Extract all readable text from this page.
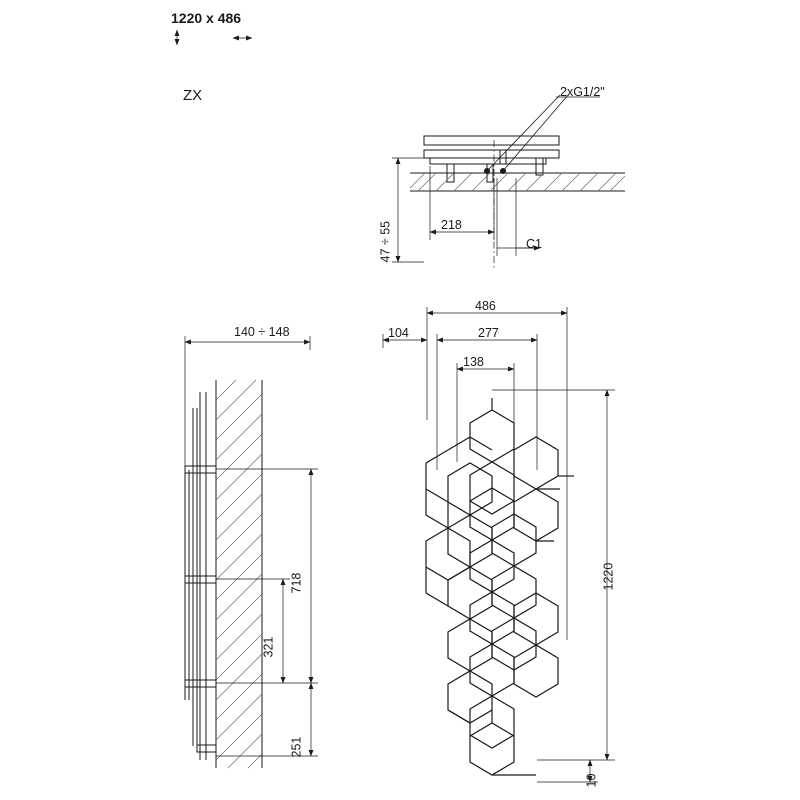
1220 x 486
ZX	2xG1/2"
47 ÷ 55	218
C1
140 ÷ 148
718
321
251
486
104	277
138
1220
10
